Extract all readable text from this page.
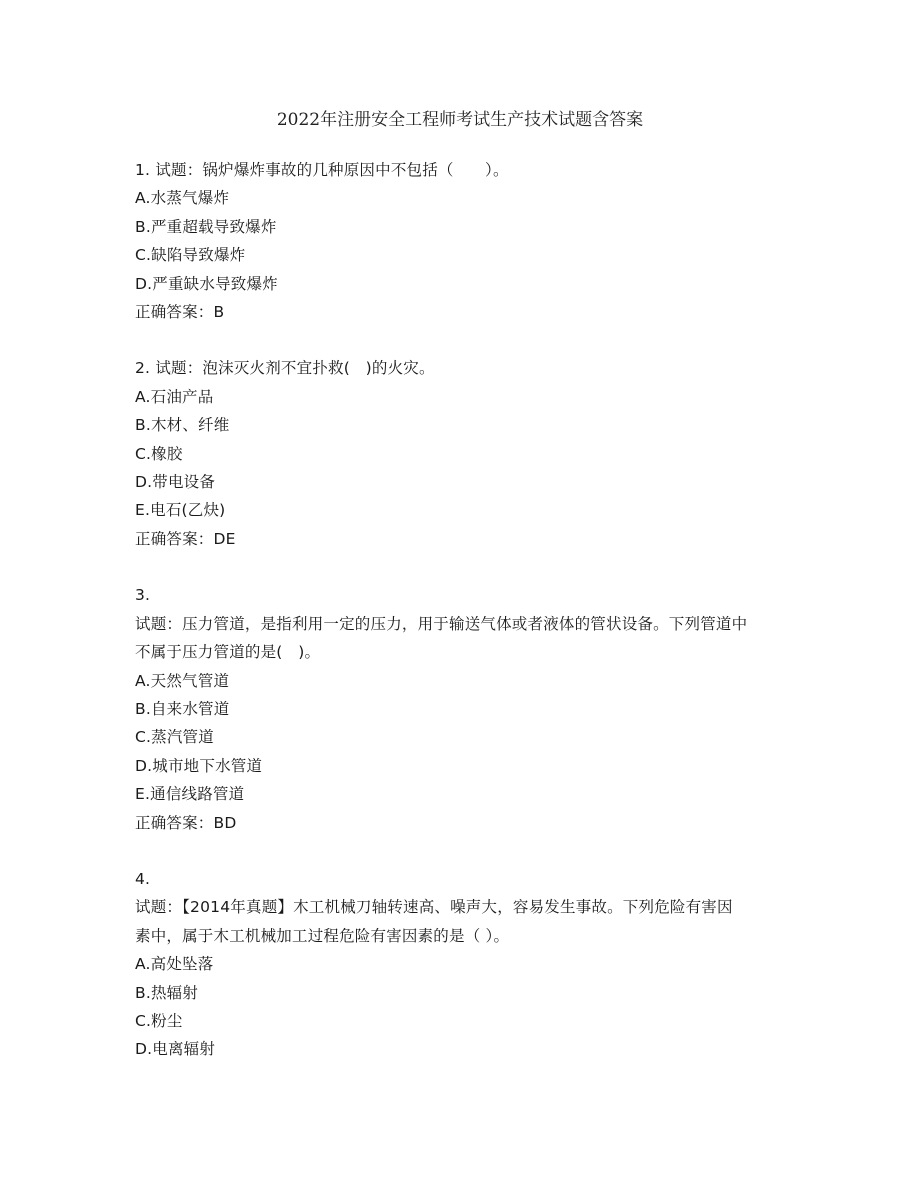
2022年注册安全工程师考试生产技术试题含答案
1. 试题：锅炉爆炸事故的几种原因中不包括（　　）。
A.水蒸气爆炸
B.严重超载导致爆炸
C.缺陷导致爆炸
D.严重缺水导致爆炸
正确答案：B
2. 试题：泡沫灭火剂不宜扑救(　)的火灾。
A.石油产品
B.木材、纤维
C.橡胶
D.带电设备
E.电石(乙炔)
正确答案：DE
3.
试题：压力管道，是指利用一定的压力，用于输送气体或者液体的管状设备。下列管道中
不属于压力管道的是(　)。
A.天然气管道
B.自来水管道
C.蒸汽管道
D.城市地下水管道
E.通信线路管道
正确答案：BD
4.
试题：【2014年真题】木工机械刀轴转速高、噪声大，容易发生事故。下列危险有害因
素中，属于木工机械加工过程危险有害因素的是（ ）。
A.高处坠落
B.热辐射
C.粉尘
D.电离辐射
